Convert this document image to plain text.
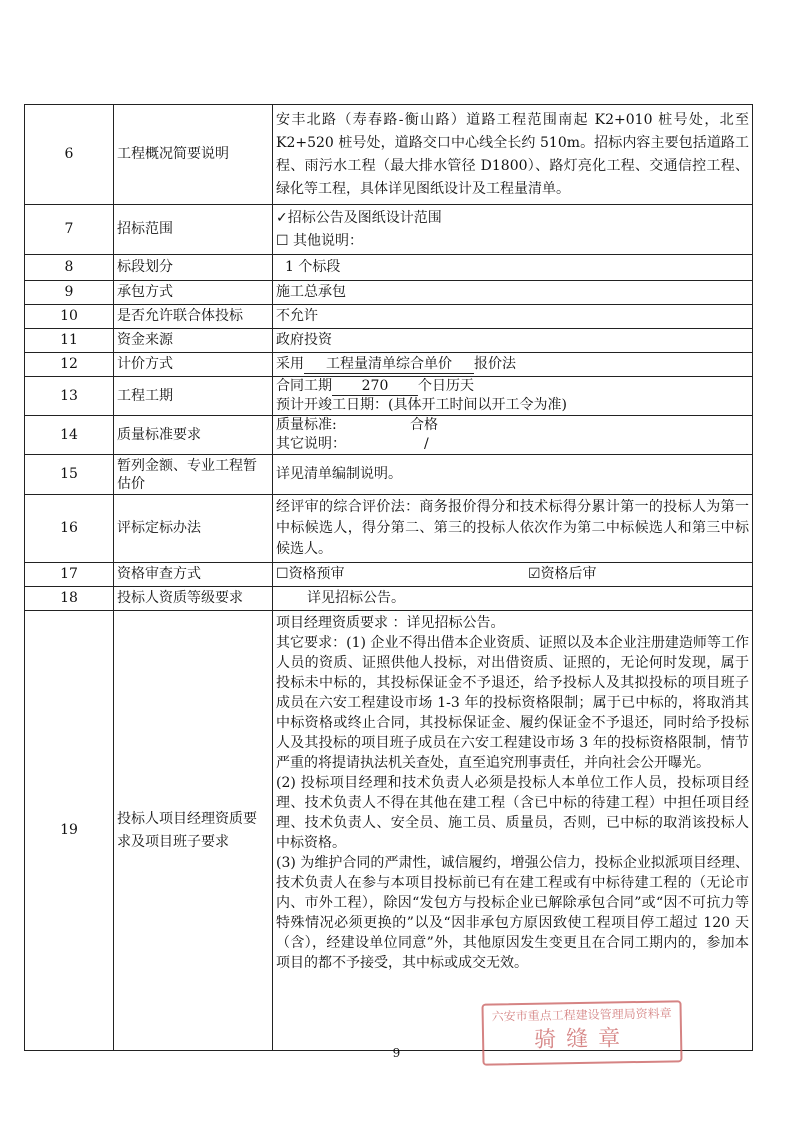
6	工程概况简要说明	安丰北路（寿春路-衡山路）道路工程范围南起 K2+010 桩号处，北至 K2+520 桩号处，道路交口中心线全长约 510m。招标内容主要包括道路工程、雨污水工程（最大排水管径 D1800）、路灯亮化工程、交通信控工程、绿化等工程，具体详见图纸设计及工程量清单。
7	招标范围	✓招标公告及图纸设计范围
☐ 其他说明：

8	标段划分	1 个标段
9	承包方式	施工总承包
10	是否允许联合体投标	不允许
11	资金来源	政府投资
12	计价方式	采用 工程量清单综合单价 报价法
13	工程工期	合同工期 270 个日历天
预计开竣工日期：(具体开工时间以开工令为准)

14	质量标准要求	质量标准: 合格
其它说明： /

15	暂列金额、专业工程暂估价	详见清单编制说明。
16	评标定标办法	经评审的综合评价法：商务报价得分和技术标得分累计第一的投标人为第一中标候选人，得分第二、第三的投标人依次作为第二中标候选人和第三中标候选人。
17	资格审查方式	☐资格预审 ☑资格后审
18	投标人资质等级要求	详见招标公告。
19	投标人项目经理资质要求及项目班子要求	项目经理资质要求 ：详见招标公告。
其它要求：(1) 企业不得出借本企业资质、证照以及本企业注册建造师等工作人员的资质、证照供他人投标，对出借资质、证照的，无论何时发现，属于投标未中标的，其投标保证金不予退还，给予投标人及其拟投标的项目班子成员在六安工程建设市场 1-3 年的投标资格限制；属于已中标的，将取消其中标资格或终止合同，其投标保证金、履约保证金不予退还，同时给予投标人及其投标的项目班子成员在六安工程建设市场 3 年的投标资格限制，情节严重的将提请执法机关查处，直至追究刑事责任，并向社会公开曝光。
(2) 投标项目经理和技术负责人必须是投标人本单位工作人员，投标项目经理、技术负责人不得在其他在建工程（含已中标的待建工程）中担任项目经理、技术负责人、安全员、施工员、质量员，否则，已中标的取消该投标人中标资格。
(3) 为维护合同的严肃性，诚信履约，增强公信力，投标企业拟派项目经理、技术负责人在参与本项目投标前已有在建工程或有中标待建工程的（无论市内、市外工程），除因“发包方与投标企业已解除承包合同”或“因不可抗力等特殊情况必须更换的”以及“因非承包方原因致使工程项目停工超过 120 天（含），经建设单位同意”外，其他原因发生变更且在合同工期内的，参加本项目的都不予接受，其中标或成交无效。
六安市重点工程建设管理局资料章
骑缝章
9
